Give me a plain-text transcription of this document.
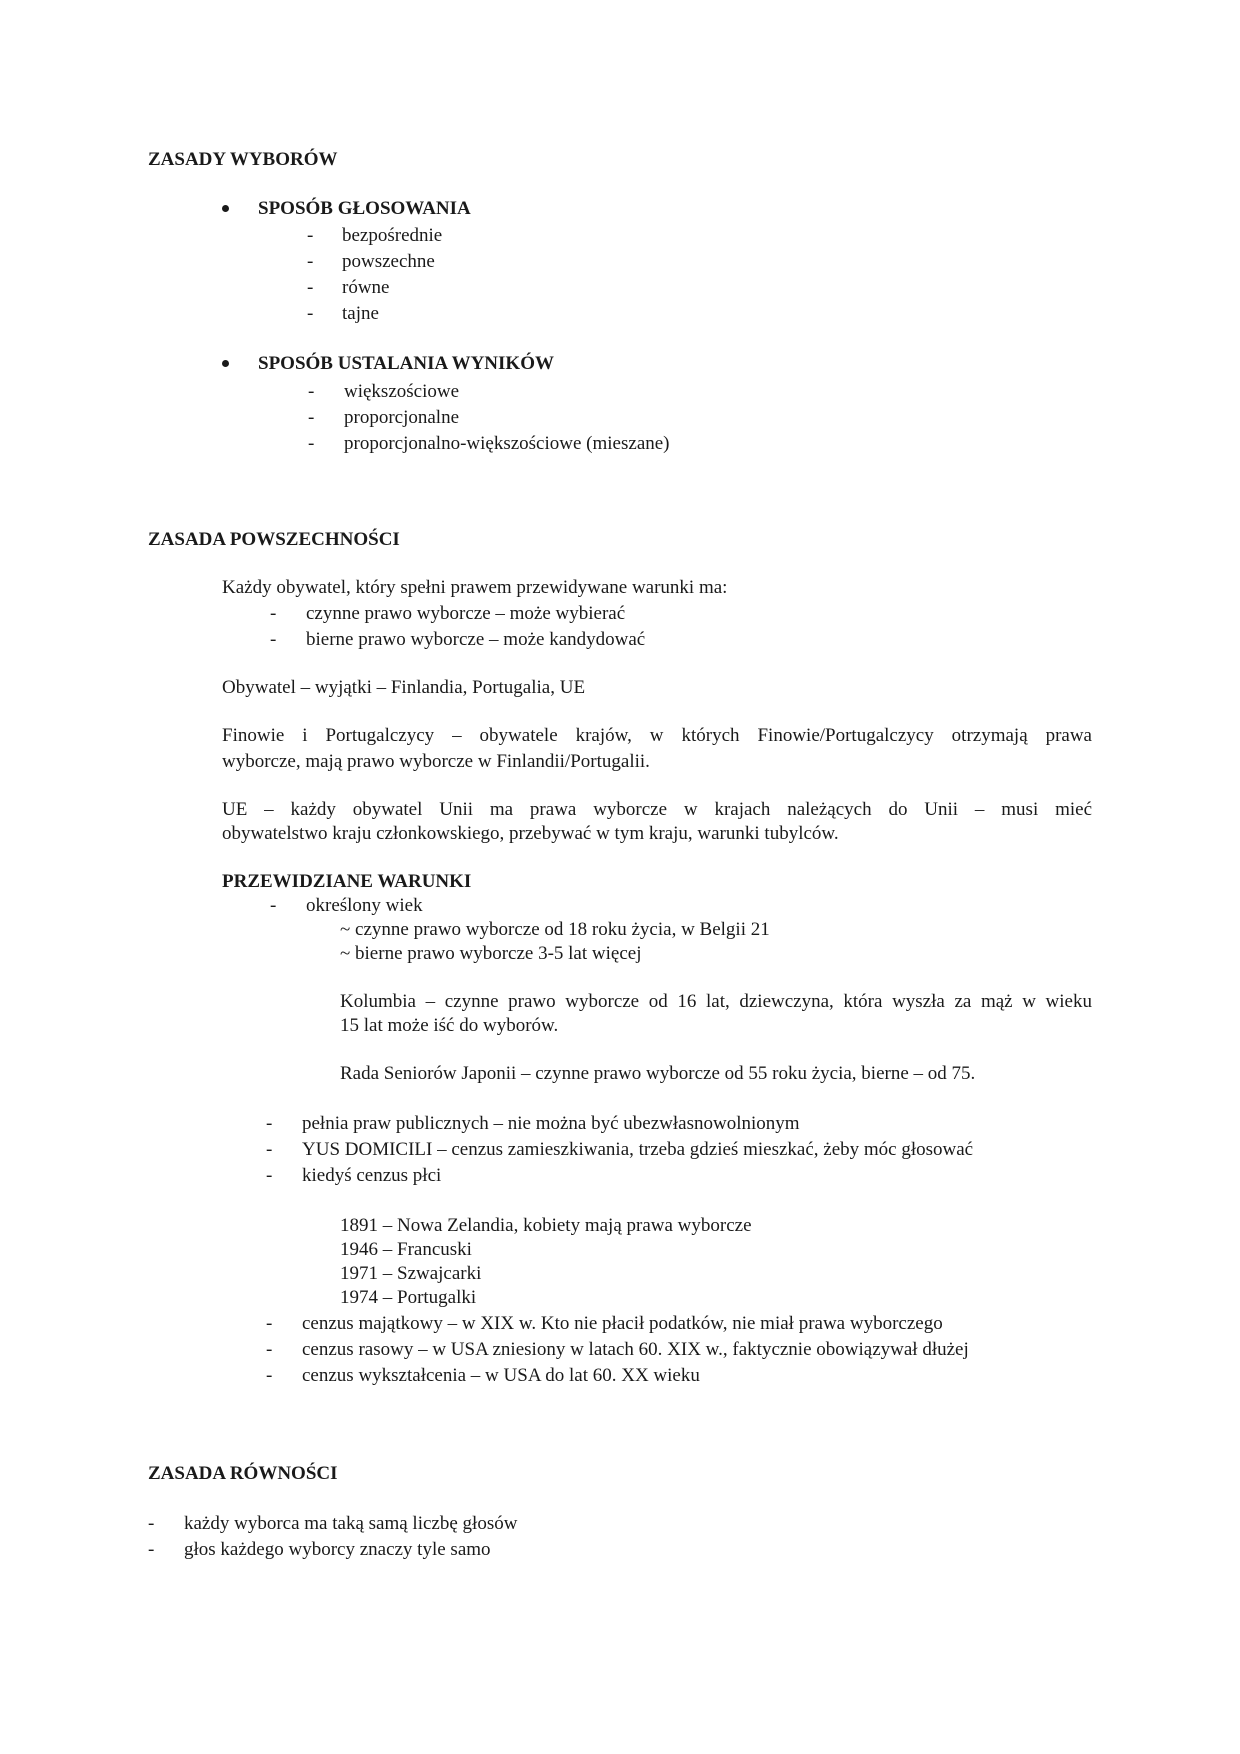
ZASADY WYBORÓW
SPOSÓB GŁOSOWANIA
- bezpośrednie
- powszechne
- równe
- tajne
SPOSÓB USTALANIA WYNIKÓW
- większościowe
- proporcjonalne
- proporcjonalno-większościowe (mieszane)
ZASADA POWSZECHNOŚCI
Każdy obywatel, który spełni prawem przewidywane warunki ma:
- czynne prawo wyborcze – może wybierać
- bierne prawo wyborcze – może kandydować
Obywatel – wyjątki – Finlandia, Portugalia, UE
Finowie i Portugalczycy – obywatele krajów, w których Finowie/Portugalczycy otrzymają prawa
wyborcze, mają prawo wyborcze w Finlandii/Portugalii.
UE – każdy obywatel Unii ma prawa wyborcze w krajach należących do Unii – musi mieć
obywatelstwo kraju członkowskiego, przebywać w tym kraju, warunki tubylców.
PRZEWIDZIANE WARUNKI
- określony wiek
~ czynne prawo wyborcze od 18 roku życia, w Belgii 21
~ bierne prawo wyborcze 3-5 lat więcej
Kolumbia – czynne prawo wyborcze od 16 lat, dziewczyna, która wyszła za mąż w wieku
15 lat może iść do wyborów.
Rada Seniorów Japonii – czynne prawo wyborcze od 55 roku życia, bierne – od 75.
- pełnia praw publicznych – nie można być ubezwłasnowolnionym
- YUS DOMICILI – cenzus zamieszkiwania, trzeba gdzieś mieszkać, żeby móc głosować
- kiedyś cenzus płci
1891 – Nowa Zelandia, kobiety mają prawa wyborcze
1946 – Francuski
1971 – Szwajcarki
1974 – Portugalki
- cenzus majątkowy – w XIX w. Kto nie płacił podatków, nie miał prawa wyborczego
- cenzus rasowy – w USA zniesiony w latach 60. XIX w., faktycznie obowiązywał dłużej
- cenzus wykształcenia – w USA do lat 60. XX wieku
ZASADA RÓWNOŚCI
- każdy wyborca ma taką samą liczbę głosów
- głos każdego wyborcy znaczy tyle samo
